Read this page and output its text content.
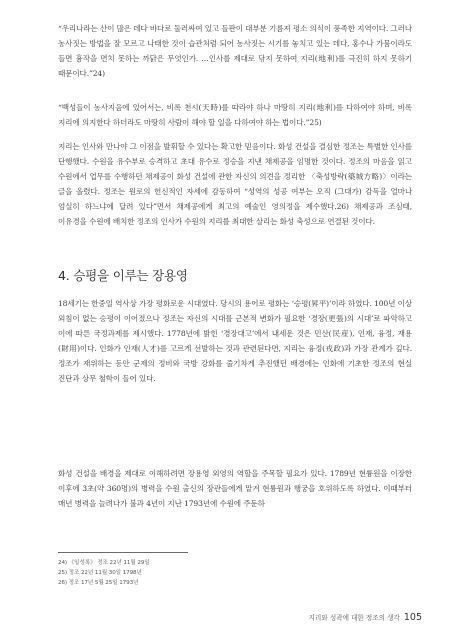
“우리나라는 산이 많은 데다 바다로 둘러싸여 있고 들판이 대부분 기름져 평소 의식이 풍족한 지역이다. 그러나 농사짓는 방법을 잘 모르고 나태한 것이 습관처럼 되어 농사짓는 시기를 놓치고 있는 데다, 홍수나 가뭄이라도 들면 흉작을 면치 못하는 까닭은 무엇인가. …인사를 제대로 닦지 못하여 지리(地利)를 극진히 하지 못하기 때문이다.”24)

“백성들이 농사지음에 있어서는, 비록 천시(天時)를 따라야 하나 마땅히 지리(地利)를 다하여야 하며, 비록 지리에 의지한다 하더라도 마땅히 사람이 해야 할 일을 다하여야 하는 법이다.”25)

지리는 인사와 만나야 그 이점을 발휘할 수 있다는 확고한 믿음이다. 화성 건설을 결심한 정조는 특별한 인사를 단행했다. 수원을 유수부로 승격하고 초대 유수로 정승을 지낸 채제공을 임명한 것이다. 정조의 마음을 읽고 수원에서 업무를 수행하던 채제공이 화성 건설에 관한 자신의 의견을 정리한 〈축성방략(築城方略)〉이라는 글을 올렸다. 정조는 원로의 헌신적인 자세에 감동하여 “성역의 성공 여부는 오직 (그대가) 감독을 얼마나 엄실히 하느냐에 달려 있다”면서 채제공에게 최고의 예술인 영의정을 제수했다.26) 채제공과 조심태, 이유경을 수원에 배치한 정조의 인사가 수원의 지리를 최대한 살리는 화성 축성으로 연결된 것이다.

4. 승평을 이루는 장용영

18세기는 한중일 역사상 가장 평화로운 시대였다. 당시의 용어로 평화는 ‘승평(昇平)’이라 하였다. 100년 이상 외침이 없는 승평이 이어졌으나 정조는 자신의 시대를 근본적 변화가 필요한 ‘경장(更張)의 시대’로 파악하고 이에 따른 국정과제를 제시했다. 1778년에 밝힌 ‘경장대고’에서 내세운 것은 민산(民産), 인재, 융정, 재용(財用)이다. 인화가 인재(人才)를 고르게 선발하는 것과 관련된다면, 지리는 융정(戎政)과 가장 관계가 깊다. 정조가 재위하는 동안 군제의 정비와 국방 강화를 줄기차게 추진했던 배경에는 인화에 기초한 정조의 현실 진단과 상무 철학이 들어 있다.

화성 건설을 배경을 제대로 이해하려면 장용영 외영의 역할을 주목할 필요가 있다. 1789년 현륭원을 이장한 이후에 3초(약 360명)의 병력을 수원 출신의 장관들에게 맡겨 현륭원과 행궁을 호위하도록 하였다. 이때부터 매년 병력을 늘려나가 불과 4년이 지난 1793년에 수원에 주둔하

24) 《일성록》 정조 22년 11월 29일
25) 정조 22년 11월 30일 1798년
26) 정조 17년 5월 25일 1793년
지리와 성곽에 대한 정조의 생각 105
